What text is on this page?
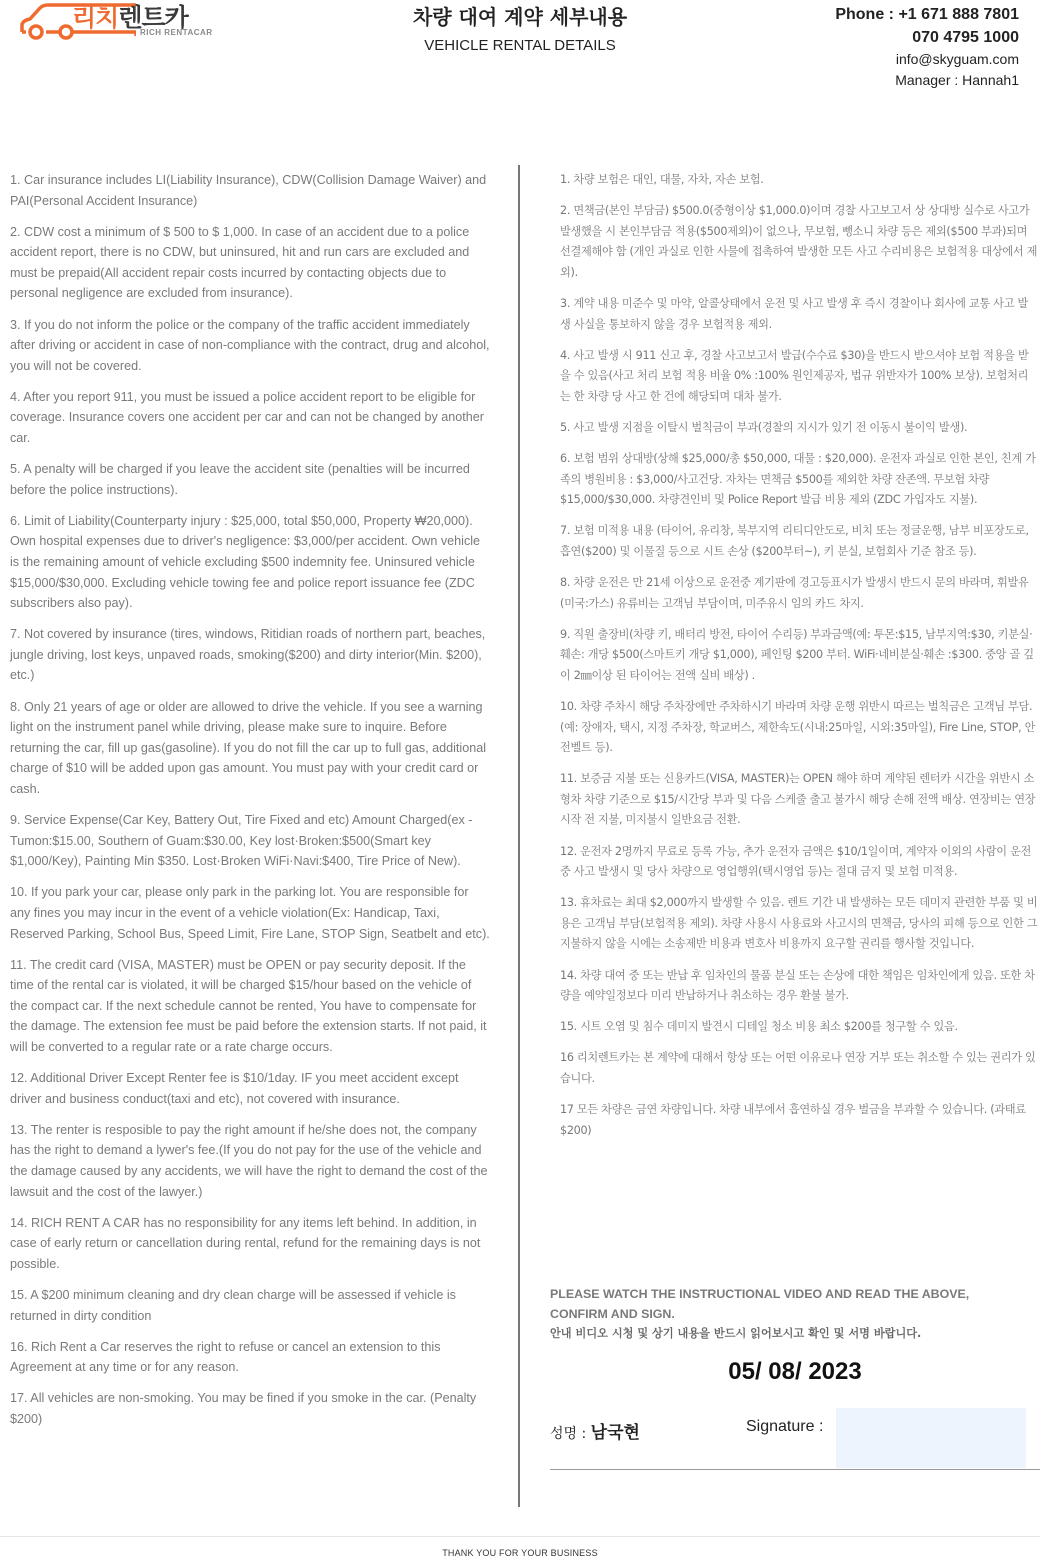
리치렌트카
RICH RENTACAR
차량 대여 계약 세부내용
VEHICLE RENTAL DETAILS
Phone : +1 671 888 7801
070 4795 1000
info@skyguam.com
Manager : Hannah1

1. Car insurance includes LI(Liability Insurance), CDW(Collision Damage Waiver) and PAI(Personal Accident Insurance)

2. CDW cost a minimum of $ 500 to $ 1,000. In case of an accident due to a police accident report, there is no CDW, but uninsured, hit and run cars are excluded and must be prepaid(All accident repair costs incurred by contacting objects due to personal negligence are excluded from insurance).

3. If you do not inform the police or the company of the traffic accident immediately after driving or accident in case of non-compliance with the contract, drug and alcohol, you will not be covered.

4. After you report 911, you must be issued a police accident report to be eligible for coverage. Insurance covers one accident per car and can not be changed by another car.

5. A penalty will be charged if you leave the accident site (penalties will be incurred before the police instructions).

6. Limit of Liability(Counterparty injury : $25,000, total $50,000, Property ₩20,000). Own hospital expenses due to driver's negligence: $3,000/per accident. Own vehicle is the remaining amount of vehicle excluding $500 indemnity fee. Uninsured vehicle $15,000/$30,000. Excluding vehicle towing fee and police report issuance fee (ZDC subscribers also pay).

7. Not covered by insurance (tires, windows, Ritidian roads of northern part, beaches, jungle driving, lost keys, unpaved roads, smoking($200) and dirty interior(Min. $200), etc.)

8. Only 21 years of age or older are allowed to drive the vehicle. If you see a warning light on the instrument panel while driving, please make sure to inquire. Before returning the car, fill up gas(gasoline). If you do not fill the car up to full gas, additional charge of $10 will be added upon gas amount. You must pay with your credit card or cash.

9. Service Expense(Car Key, Battery Out, Tire Fixed and etc) Amount Charged(ex - Tumon:$15.00, Southern of Guam:$30.00, Key lost·Broken:$500(Smart key $1,000/Key), Painting Min $350. Lost·Broken WiFi·Navi:$400, Tire Price of New).

10. If you park your car, please only park in the parking lot. You are responsible for any fines you may incur in the event of a vehicle violation(Ex: Handicap, Taxi, Reserved Parking, School Bus, Speed Limit, Fire Lane, STOP Sign, Seatbelt and etc).

11. The credit card (VISA, MASTER) must be OPEN or pay security deposit. If the time of the rental car is violated, it will be charged $15/hour based on the vehicle of the compact car. If the next schedule cannot be rented, You have to compensate for the damage. The extension fee must be paid before the extension starts. If not paid, it will be converted to a regular rate or a rate charge occurs.

12. Additional Driver Except Renter fee is $10/1day. IF you meet accident except driver and business conduct(taxi and etc), not covered with insurance.

13. The renter is resposible to pay the right amount if he/she does not, the company has the right to demand a lywer's fee.(If you do not pay for the use of the vehicle and the damage caused by any accidents, we will have the right to demand the cost of the lawsuit and the cost of the lawyer.)

14. RICH RENT A CAR has no responsibility for any items left behind. In addition, in case of early return or cancellation during rental, refund for the remaining days is not possible.

15. A $200 minimum cleaning and dry clean charge will be assessed if vehicle is returned in dirty condition

16. Rich Rent a Car reserves the right to refuse or cancel an extension to this Agreement at any time or for any reason.

17. All vehicles are non-smoking. You may be fined if you smoke in the car. (Penalty $200)

1. 차량 보험은 대인, 대물, 자차, 자손 보험.

2. 면책금(본인 부담금) $500.0(중형이상 $1,000.0)이며 경찰 사고보고서 상 상대방 실수로 사고가 발생했을 시 본인부담금 적용($500제외)이 없으나, 무보험, 뺑소니 차량 등은 제외($500 부과)되며 선결제해야 함 (개인 과실로 인한 사물에 접촉하여 발생한 모든 사고 수리비용은 보험적용 대상에서 제외).

3. 계약 내용 미준수 및 마약, 알콜상태에서 운전 및 사고 발생 후 즉시 경찰이나 회사에 교통 사고 발생 사실을 통보하지 않을 경우 보험적용 제외.

4. 사고 발생 시 911 신고 후, 경찰 사고보고서 발급(수수료 $30)을 반드시 받으셔야 보험 적용을 받을 수 있음(사고 처리 보험 적용 비율 0% :100% 원인제공자, 법규 위반자가 100% 보상). 보험처리는 한 차량 당 사고 한 건에 해당되며 대차 불가.

5. 사고 발생 지점을 이탈시 벌칙금이 부과(경찰의 지시가 있기 전 이동시 불이익 발생).

6. 보험 범위 상대방(상해 $25,000/총 $50,000, 대물 : $20,000). 운전자 과실로 인한 본인, 친계 가족의 병원비용 : $3,000/사고건당. 자차는 면책금 $500를 제외한 차량 잔존액. 무보험 차량 $15,000/$30,000. 차량견인비 및 Police Report 발급 비용 제외 (ZDC 가입자도 지불).

7. 보험 미적용 내용 (타이어, 유리창, 북부지역 리티디안도로, 비치 또는 정글운행, 남부 비포장도로, 흡연($200) 및 이물질 등으로 시트 손상 ($200부터~), 키 분실, 보험회사 기준 참조 등).

8. 차량 운전은 만 21세 이상으로 운전중 계기판에 경고등표시가 발생시 반드시 문의 바라며, 휘발유(미국:가스) 유류비는 고객님 부담이며, 미주유시 임의 카드 차지.

9. 직원 출장비(차량 키, 배터리 방전, 타이어 수리등) 부과금액(예: 투몬:$15, 남부지역:$30, 키분실·훼손: 개당 $500(스마트키 개당 $1,000), 페인팅 $200 부터. WiFi·네비분실·훼손 :$300. 중앙 골 깊이 2㎜이상 된 타이어는 전액 실비 배상) .

10. 차량 주차시 해당 주차장에만 주차하시기 바라며 차량 운행 위반시 따르는 벌칙금은 고객님 부담. (예: 장애자, 택시, 지정 주차장, 학교버스, 제한속도(시내:25마일, 시외:35마일), Fire Line, STOP, 안전벨트 등).

11. 보증금 지불 또는 신용카드(VISA, MASTER)는 OPEN 해야 하며 계약된 렌터카 시간을 위반시 소형차 차량 기준으로 $15/시간당 부과 및 다음 스케줄 출고 불가시 해당 손해 전액 배상. 연장비는 연장시작 전 지불, 미지불시 일반요금 전환.

12. 운전자 2명까지 무료로 등록 가능, 추가 운전자 금액은 $10/1일이며, 계약자 이외의 사람이 운전중 사고 발생시 및 당사 차량으로 영업행위(택시영업 등)는 절대 금지 및 보험 미적용.

13. 휴차료는 최대 $2,000까지 발생할 수 있음. 렌트 기간 내 발생하는 모든 데미지 관련한 부품 및 비용은 고객님 부담(보험적용 제외). 차량 사용시 사용료와 사고시의 면책금, 당사의 피해 등으로 인한 그 지불하지 않을 시에는 소송제반 비용과 변호사 비용까지 요구할 권리를 행사할 것입니다.

14. 차량 대여 중 또는 반납 후 임차인의 물품 분실 또는 손상에 대한 책임은 임차인에게 있음. 또한 차량을 예약일정보다 미리 반납하거나 취소하는 경우 환불 불가.

15. 시트 오염 및 침수 데미지 발견시 디테일 청소 비용 최소 $200를 청구할 수 있음.

16 리치렌트카는 본 계약에 대해서 항상 또는 어떤 이유로나 연장 거부 또는 취소할 수 있는 권리가 있습니다.

17 모든 차량은 금연 차량입니다. 차량 내부에서 흡연하실 경우 벌금을 부과할 수 있습니다. (과태료 $200)

PLEASE WATCH THE INSTRUCTIONAL VIDEO AND READ THE ABOVE,
CONFIRM AND SIGN.
안내 비디오 시청 및 상기 내용을 반드시 읽어보시고 확인 및 서명 바랍니다.
05/ 08/ 2023
성명 : 남국현	Signature :
THANK YOU FOR YOUR BUSINESS
